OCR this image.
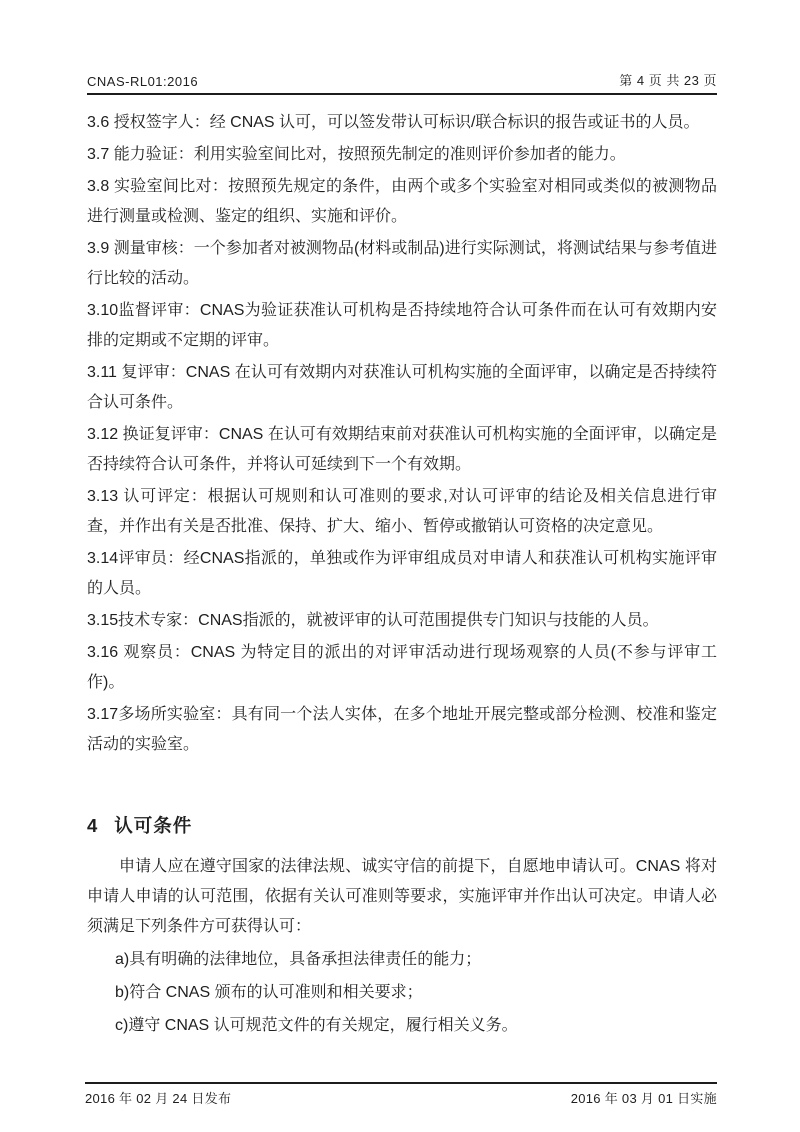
CNAS-RL01:2016	第 4 页 共 23 页

3.6 授权签字人：经 CNAS 认可，可以签发带认可标识/联合标识的报告或证书的人员。

3.7 能力验证：利用实验室间比对，按照预先制定的准则评价参加者的能力。

3.8 实验室间比对：按照预先规定的条件，由两个或多个实验室对相同或类似的被测物品进行测量或检测、鉴定的组织、实施和评价。

3.9 测量审核：一个参加者对被测物品(材料或制品)进行实际测试，将测试结果与参考值进行比较的活动。

3.10监督评审：CNAS为验证获准认可机构是否持续地符合认可条件而在认可有效期内安排的定期或不定期的评审。

3.11 复评审：CNAS 在认可有效期内对获准认可机构实施的全面评审，以确定是否持续符合认可条件。

3.12 换证复评审：CNAS 在认可有效期结束前对获准认可机构实施的全面评审，以确定是否持续符合认可条件，并将认可延续到下一个有效期。

3.13 认可评定：根据认可规则和认可准则的要求,对认可评审的结论及相关信息进行审查，并作出有关是否批准、保持、扩大、缩小、暂停或撤销认可资格的决定意见。

3.14评审员：经CNAS指派的，单独或作为评审组成员对申请人和获准认可机构实施评审的人员。

3.15技术专家：CNAS指派的，就被评审的认可范围提供专门知识与技能的人员。

3.16 观察员：CNAS 为特定目的派出的对评审活动进行现场观察的人员(不参与评审工作)。

3.17多场所实验室：具有同一个法人实体，在多个地址开展完整或部分检测、校准和鉴定活动的实验室。

4 认可条件

申请人应在遵守国家的法律法规、诚实守信的前提下，自愿地申请认可。CNAS 将对申请人申请的认可范围，依据有关认可准则等要求，实施评审并作出认可决定。申请人必须满足下列条件方可获得认可：

a)具有明确的法律地位，具备承担法律责任的能力；

b)符合 CNAS 颁布的认可准则和相关要求；

c)遵守 CNAS 认可规范文件的有关规定，履行相关义务。

2016 年 02 月 24 日发布	2016 年 03 月 01 日实施
